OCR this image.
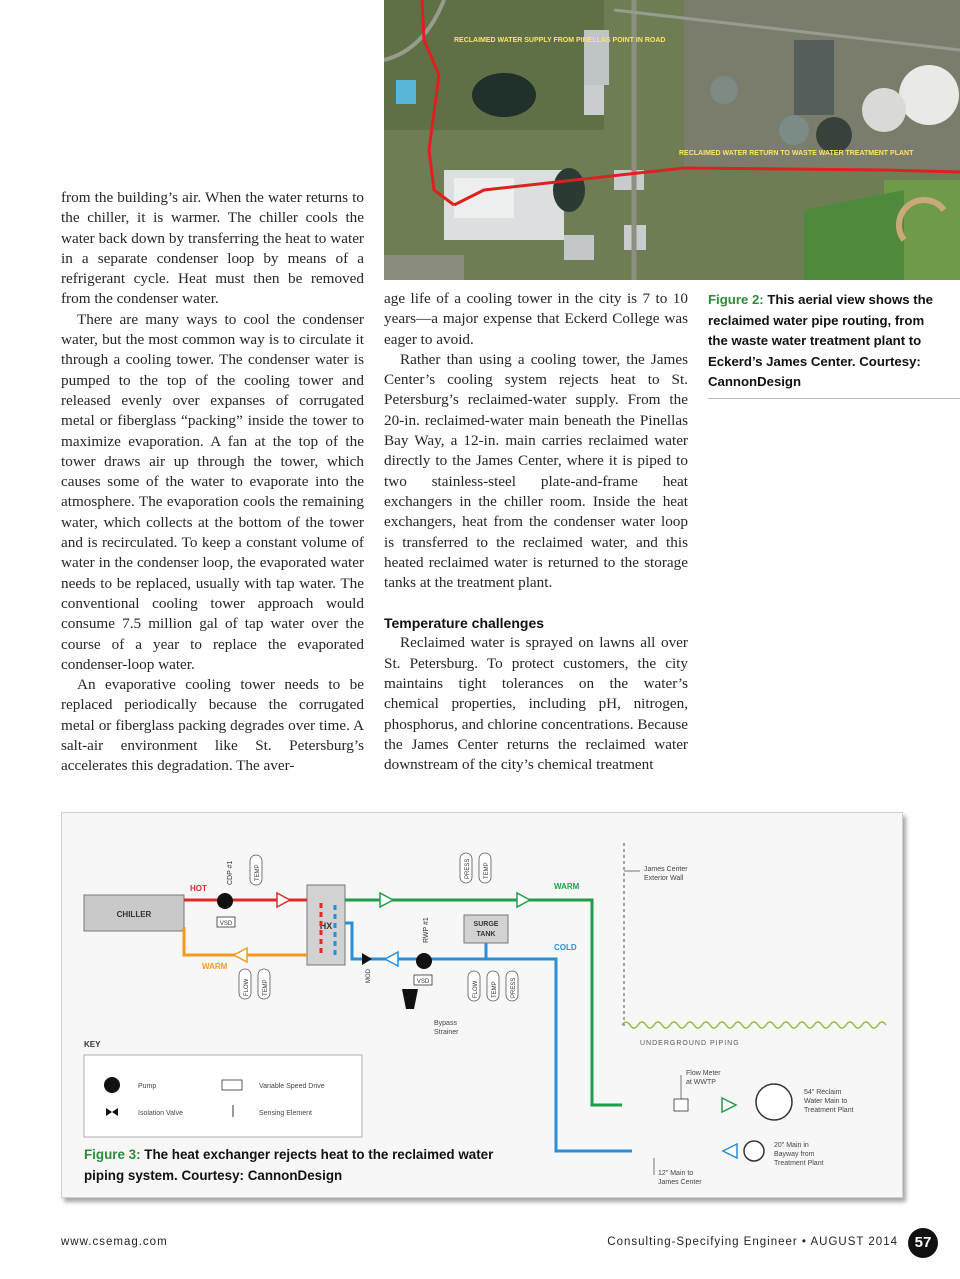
RECLAIMED WATER SUPPLY FROM PINELLAS POINT IN ROAD
RECLAIMED WATER RETURN TO WASTE WATER TREATMENT PLANT

from the building’s air. When the water returns to the chiller, it is warmer. The chiller cools the water back down by transferring the heat to water in a separate condenser loop by means of a refrigerant cycle. Heat must then be removed from the condenser water.

There are many ways to cool the condenser water, but the most common way is to circulate it through a cooling tower. The condenser water is pumped to the top of the cooling tower and released evenly over expanses of corrugated metal or fiberglass “packing” inside the tower to maximize evaporation. A fan at the top of the tower draws air up through the tower, which causes some of the water to evaporate into the atmosphere. The evaporation cools the remaining water, which collects at the bottom of the tower and is recirculated. To keep a constant volume of water in the condenser loop, the evaporated water needs to be replaced, usually with tap water. The conventional cooling tower approach would consume 7.5 million gal of tap water over the course of a year to replace the evaporated condenser-loop water.

An evaporative cooling tower needs to be replaced periodically because the corrugated metal or fiberglass packing degrades over time. A salt-air environment like St. Petersburg’s accelerates this degradation. The aver-

age life of a cooling tower in the city is 7 to 10 years—a major expense that Eckerd College was eager to avoid.

Rather than using a cooling tower, the James Center’s cooling system rejects heat to St. Petersburg’s reclaimed-water supply. From the 20-in. reclaimed-water main beneath the Pinellas Bay Way, a 12-in. main carries reclaimed water directly to the James Center, where it is piped to two stainless-steel plate-and-frame heat exchangers in the chiller room. Inside the heat exchangers, heat from the condenser water loop is transferred to the reclaimed water, and this heated reclaimed water is returned to the storage tanks at the treatment plant.

Temperature challenges

Reclaimed water is sprayed on lawns all over St. Petersburg. To protect customers, the city maintains tight tolerances on the water’s chemical properties, including pH, nitrogen, phosphorus, and chlorine concentrations. Because the James Center returns the reclaimed water downstream of the city’s chemical treatment

Figure 2: This aerial view shows the reclaimed water pipe routing, from the waste water treatment plant to Eckerd’s James Center. Courtesy: CannonDesign
CHILLER
HX
HOT
VSD
CDP #1	TEMP
WARM
FLOW TEMP
WARM
PRESS TEMP
COLD
MOD
SURGE
TANK
RWP #1
VSD
Bypass
Strainer
FLOW TEMP PRESS
James Center
Exterior Wall
UNDERGROUND PIPING
Flow Meter
at WWTP
54" Reclaim
Water Main to
Treatment Plant
20" Main in
Bayway from
Treatment Plant
12" Main to
James Center
KEY
Pump	Variable Speed Drive
Isolation Valve	Sensing Element
Figure 3: The heat exchanger rejects heat to the reclaimed water piping system. Courtesy: CannonDesign
www.csemag.com	Consulting-Specifying Engineer • AUGUST 2014	57
